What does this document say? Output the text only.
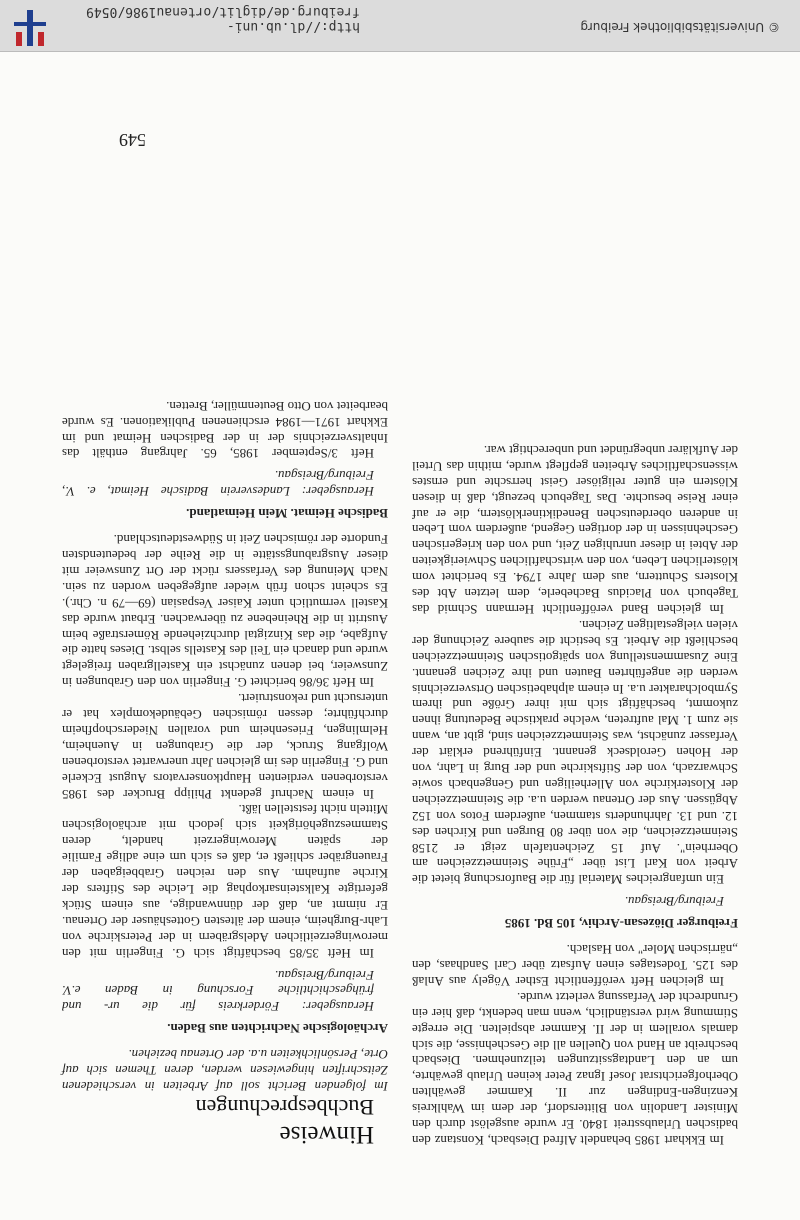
Hinweise

Buchbesprechungen

Im folgenden Bericht soll auf Arbeiten in verschiedenen Zeitschriften hingewiesen werden, deren Themen sich auf Orte, Persönlichkeiten u.a. der Ortenau beziehen.

Archäologische Nachrichten aus Baden.

Herausgeber: Förderkreis für die ur- und frühgeschichtliche Forschung in Baden e.V. Freiburg/Breisgau.

Im Heft 35/85 beschäftigt sich G. Fingerlin mit den merowingerzeitlichen Adelsgräbern in der Peterskirche von Lahr-Burgheim, einem der ältesten Gotteshäuser der Ortenau. Er nimmt an, daß der dünnwandige, aus einem Stück gefertigte Kalksteinsarkophag die Leiche des Stifters der Kirche aufnahm. Aus den reichen Grabbeigaben der Frauengräber schließt er, daß es sich um eine adlige Familie der späten Merowingerzeit handelt, deren Stammeszugehörigkeit sich jedoch mit archäologischen Mitteln nicht feststellen läßt.

In einem Nachruf gedenkt Philipp Brucker des 1985 verstorbenen verdienten Hauptkonservators August Eckerle und G. Fingerlin des im gleichen Jahr unerwartet verstorbenen Wolfgang Struck, der die Grabungen in Auenheim, Helmlingen, Friesenheim und vorallen Niederschopfheim durchführte; dessen römischen Gebäudekomplex hat er untersucht und rekonstruiert.

Im Heft 36/86 berichtet G. Fingerlin von den Grabungen in Zunsweier, bei denen zunächst ein Kastellgraben freigelegt wurde und danach ein Teil des Kastells selbst. Dieses hatte die Aufgabe, die das Kinzigtal durchziehende Römerstraße beim Austritt in die Rheinebene zu überwachen. Erbaut wurde das Kastell vermutlich unter Kaiser Vespasian (69—79 n. Chr.). Es scheint schon früh wieder aufgegeben worden zu sein. Nach Meinung des Verfassers rückt der Ort Zunsweier mit dieser Ausgrabungsstätte in die Reihe der bedeutendsten Fundorte der römischen Zeit in Südwestdeutschland.

Badische Heimat. Mein Heimatland.

Herausgeber: Landesverein Badische Heimat, e. V., Freiburg/Breisgau.

Heft 3/September 1985, 65. Jahrgang enthält das Inhaltsverzeichnis der in der Badischen Heimat und im Ekkhart 1971—1984 erschienenen Publikationen. Es wurde bearbeitet von Otto Beutenmüller, Bretten.

Im Ekkhart 1985 behandelt Alfred Diesbach, Konstanz den badischen Urlaubsstreit 1840. Er wurde ausgelöst durch den Minister Landolin von Blittersdorf, der dem im Wahlkreis Kenzingen-Endingen zur II. Kammer gewählten Oberhofgerichtsrat Josef Ignaz Peter keinen Urlaub gewährte, um an den Landtagssitzungen teilzunehmen. Diesbach beschreibt an Hand von Quellen all die Geschehnisse, die sich damals vorallem in der II. Kammer abspielten. Die erregte Stimmung wird verständlich, wenn man bedenkt, daß hier ein Grundrecht der Verfassung verletzt wurde.

Im gleichen Heft veröffentlicht Esther Vögely aus Anlaß des 125. Todestages einen Aufsatz über Carl Sandhaas, den „närrischen Moler" von Haslach.

Freiburger Diözesan-Archiv, 105 Bd. 1985

Freiburg/Breisgau.

Ein umfangreiches Material für die Bauforschung bietet die Arbeit von Karl List über „Frühe Steinmetzzeichen am Oberrhein". Auf 15 Zeichentafeln zeigt er 2158 Steinmetzzeichen, die von über 80 Burgen und Kirchen des 12. und 13. Jahrhunderts stammen, außerdem Fotos von 152 Abgüssen. Aus der Ortenau werden u.a. die Steinmetzzeichen der Klosterkirche von Allerheiligen und Gengenbach sowie Schwarzach, von der Stiftskirche und der Burg in Lahr, von der Hohen Geroldseck genannt. Einführend erklärt der Verfasser zunächst, was Steinmetzzeichen sind, gibt an, wann sie zum 1. Mal auftreten, welche praktische Bedeutung ihnen zukommt, beschäftigt sich mit ihrer Größe und ihrem Symbolcharakter u.a. In einem alphabetischen Ortsverzeichnis werden die angeführten Bauten und ihre Zeichen genannt. Eine Zusammenstellung von spätgotischen Steinmetzzeichen beschließt die Arbeit. Es besticht die saubere Zeichnung der vielen vielgestaltigen Zeichen.

Im gleichen Band veröffentlicht Hermann Schmid das Tagebuch von Placidus Bacheberle, dem letzten Abt des Klosters Schuttern, aus dem Jahre 1794. Es berichtet vom klösterlichen Leben, von den wirtschaftlichen Schwierigkeiten der Abtei in dieser unruhigen Zeit, und von den kriegerischen Geschehnissen in der dortigen Gegend, außerdem vom Leben in anderen oberdeutschen Benediktinerklöstern, die er auf einer Reise besuchte. Das Tagebuch bezeugt, daß in diesen Klöstern ein guter religiöser Geist herrschte und ernstes wissenschaftliches Arbeiten gepflegt wurde, mithin das Urteil der Aufklärer unbegründet und unberechtigt war.

549
http://dl.ub.uni-freiburg.de/diglit/ortenau1986/0549
© Universitätsbibliothek Freiburg
